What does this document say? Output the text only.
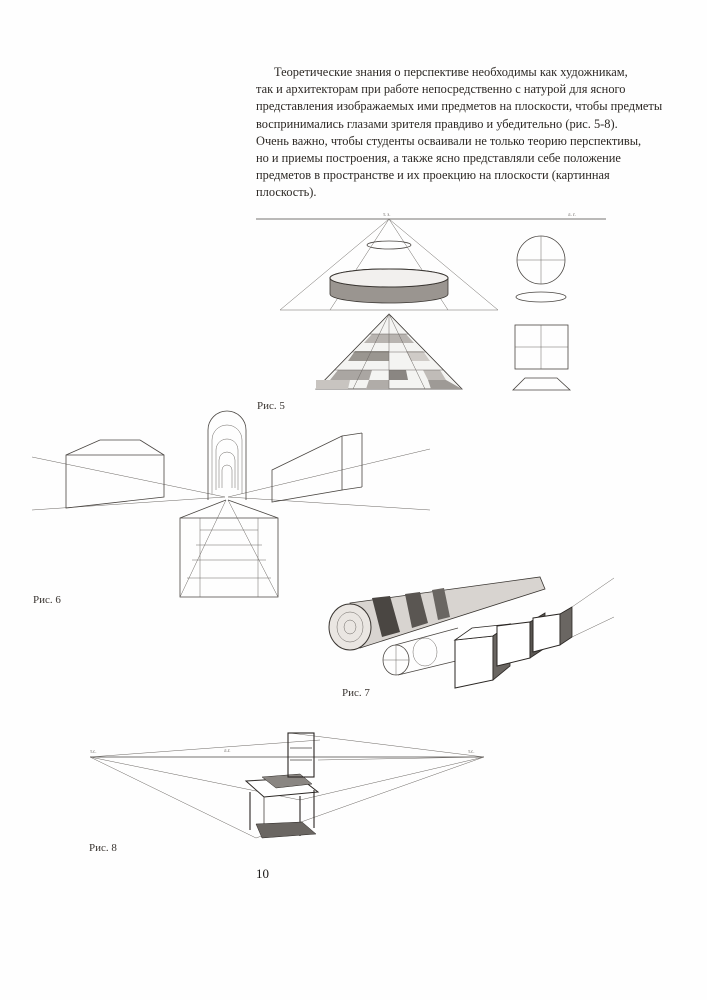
Теоретические знания о перспективе необходимы как художникам,
так и архитекторам при работе непосредственно с натурой для ясного
представления изображаемых ими предметов на плоскости, чтобы предметы
воспринимались глазами зрителя правдиво и убедительно (рис. 5-8).
Очень важно, чтобы студенты осваивали не только теорию перспективы,
но и приемы построения, а также ясно представляли себе положение
предметов в пространстве и их проекцию на плоскости (картинная
плоскость).

т. з.	л. г.
Рис. 5
Рис. 6
Рис. 7
т.с.	л.г.	т.с.
Рис. 8
10
